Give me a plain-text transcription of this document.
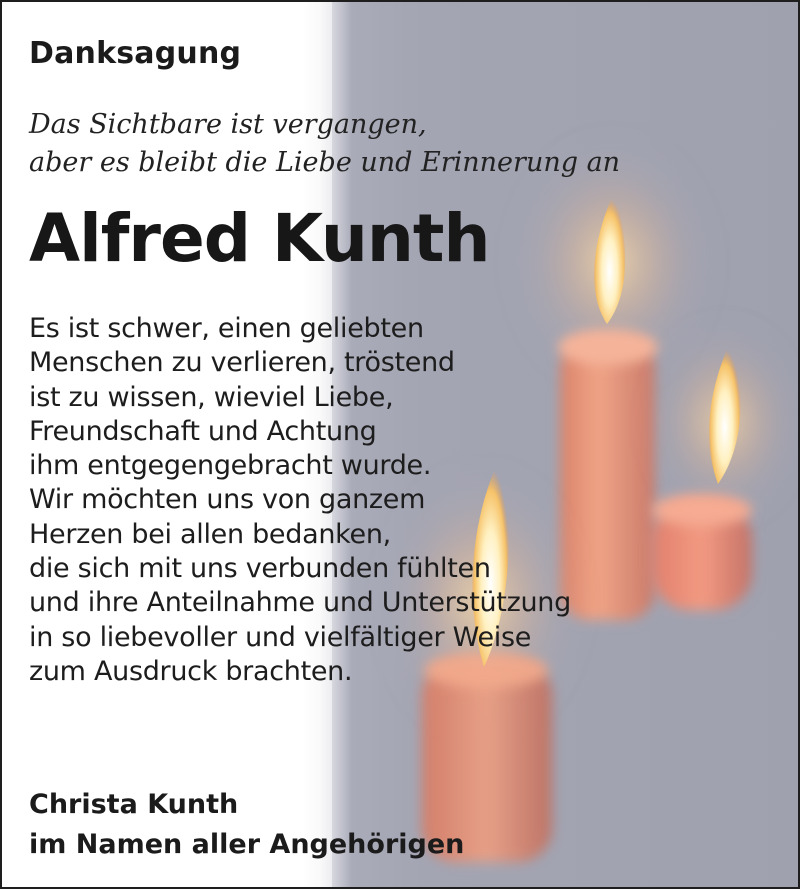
Danksagung
Das Sichtbare ist vergangen,
aber es bleibt die Liebe und Erinnerung an
Alfred Kunth
Es ist schwer, einen geliebten
Menschen zu verlieren, tröstend
ist zu wissen, wieviel Liebe,
Freundschaft und Achtung
ihm entgegengebracht wurde.
Wir möchten uns von ganzem
Herzen bei allen bedanken,
die sich mit uns verbunden fühlten
und ihre Anteilnahme und Unterstützung
in so liebevoller und vielfältiger Weise
zum Ausdruck brachten.
Christa Kunth
im Namen aller Angehörigen
